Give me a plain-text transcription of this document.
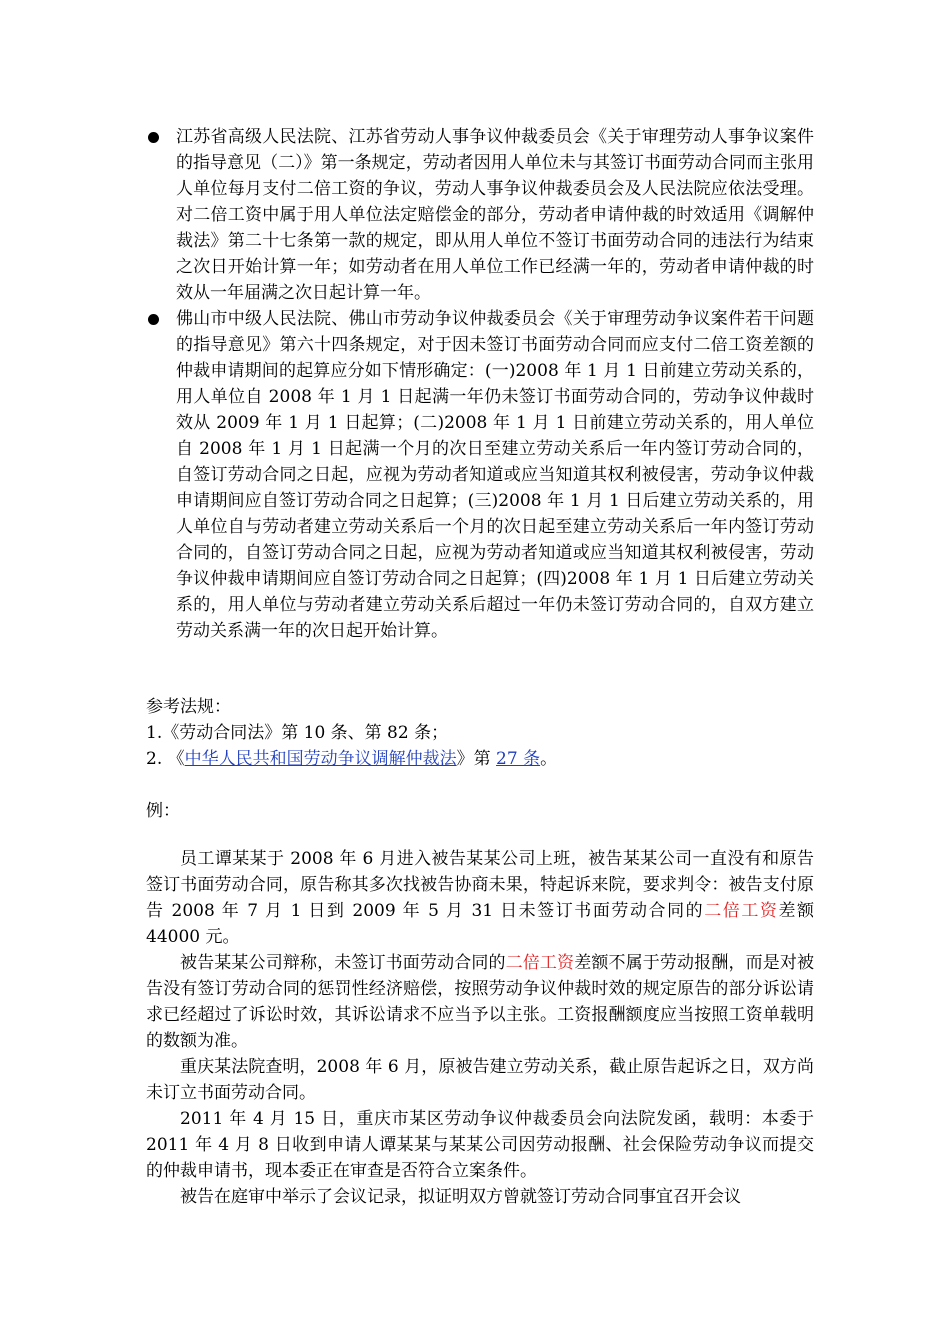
江苏省高级人民法院、江苏省劳动人事争议仲裁委员会《关于审理劳动人事争议案件的指导意见（二）》第一条规定，劳动者因用人单位未与其签订书面劳动合同而主张用人单位每月支付二倍工资的争议，劳动人事争议仲裁委员会及人民法院应依法受理。对二倍工资中属于用人单位法定赔偿金的部分，劳动者申请仲裁的时效适用《调解仲裁法》第二十七条第一款的规定，即从用人单位不签订书面劳动合同的违法行为结束之次日开始计算一年；如劳动者在用人单位工作已经满一年的，劳动者申请仲裁的时效从一年届满之次日起计算一年。
佛山市中级人民法院、佛山市劳动争议仲裁委员会《关于审理劳动争议案件若干问题的指导意见》第六十四条规定，对于因未签订书面劳动合同而应支付二倍工资差额的仲裁申请期间的起算应分如下情形确定：(一)2008 年 1 月 1 日前建立劳动关系的，用人单位自 2008 年 1 月 1 日起满一年仍未签订书面劳动合同的，劳动争议仲裁时效从 2009 年 1 月 1 日起算；(二)2008 年 1 月 1 日前建立劳动关系的，用人单位自 2008 年 1 月 1 日起满一个月的次日至建立劳动关系后一年内签订劳动合同的，自签订劳动合同之日起，应视为劳动者知道或应当知道其权利被侵害，劳动争议仲裁申请期间应自签订劳动合同之日起算；(三)2008 年 1 月 1 日后建立劳动关系的，用人单位自与劳动者建立劳动关系后一个月的次日起至建立劳动关系后一年内签订劳动合同的，自签订劳动合同之日起，应视为劳动者知道或应当知道其权利被侵害，劳动争议仲裁申请期间应自签订劳动合同之日起算；(四)2008 年 1 月 1 日后建立劳动关系的，用人单位与劳动者建立劳动关系后超过一年仍未签订劳动合同的，自双方建立劳动关系满一年的次日起开始计算。

参考法规：

1.《劳动合同法》第 10 条、第 82 条；

2. 《中华人民共和国劳动争议调解仲裁法》第 27 条。

例：

员工谭某某于 2008 年 6 月进入被告某某公司上班，被告某某公司一直没有和原告签订书面劳动合同，原告称其多次找被告协商未果，特起诉来院，要求判令：被告支付原告 2008 年 7 月 1 日到 2009 年 5 月 31 日未签订书面劳动合同的二倍工资差额 44000 元。

被告某某公司辩称，未签订书面劳动合同的二倍工资差额不属于劳动报酬，而是对被告没有签订劳动合同的惩罚性经济赔偿，按照劳动争议仲裁时效的规定原告的部分诉讼请求已经超过了诉讼时效，其诉讼请求不应当予以主张。工资报酬额度应当按照工资单载明的数额为准。

重庆某法院查明，2008 年 6 月，原被告建立劳动关系，截止原告起诉之日，双方尚未订立书面劳动合同。

2011 年 4 月 15 日，重庆市某区劳动争议仲裁委员会向法院发函，载明：本委于 2011 年 4 月 8 日收到申请人谭某某与某某公司因劳动报酬、社会保险劳动争议而提交的仲裁申请书，现本委正在审查是否符合立案条件。

被告在庭审中举示了会议记录，拟证明双方曾就签订劳动合同事宜召开会议
